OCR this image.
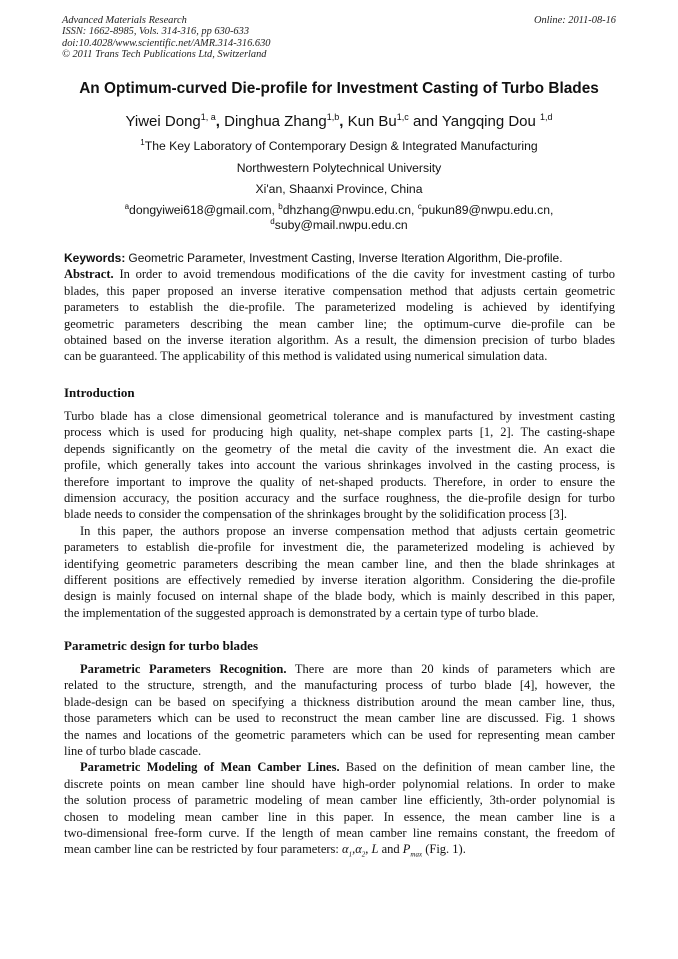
Advanced Materials Research
ISSN: 1662-8985, Vols. 314-316, pp 630-633
doi:10.4028/www.scientific.net/AMR.314-316.630
© 2011 Trans Tech Publications Ltd, Switzerland
Online: 2011-08-16
An Optimum-curved Die-profile for Investment Casting of Turbo Blades
Yiwei Dong$^{1, a}$, Dinghua Zhang$^{1,b}$, Kun Bu$^{1,c}$ and Yangqing Dou $^{1,d}$
$^1$The Key Laboratory of Contemporary Design & Integrated Manufacturing
Northwestern Polytechnical University
Xi'an, Shaanxi Province, China
$^a$dongyiwei618@gmail.com, $^b$dhzhang@nwpu.edu.cn, $^c$pukun89@nwpu.edu.cn,
$^d$suby@mail.nwpu.edu.cn
Keywords: Geometric Parameter, Investment Casting, Inverse Iteration Algorithm, Die-profile.
Abstract. In order to avoid tremendous modifications of the die cavity for investment casting of turbo
blades, this paper proposed an inverse iterative compensation method that adjusts certain geometric
parameters to establish the die-profile. The parameterized modeling is achieved by identifying
geometric parameters describing the mean camber line; the optimum-curve die-profile can be
obtained based on the inverse iteration algorithm. As a result, the dimension precision of turbo blades
can be guaranteed. The applicability of this method is validated using numerical simulation data.
Introduction
Turbo blade has a close dimensional geometrical tolerance and is manufactured by investment casting
process which is used for producing high quality, net-shape complex parts [1, 2]. The casting-shape
depends significantly on the geometry of the metal die cavity of the investment die. An exact die
profile, which generally takes into account the various shrinkages involved in the casting process, is
therefore important to improve the quality of net-shaped products. Therefore, in order to ensure the
dimension accuracy, the position accuracy and the surface roughness, the die-profile design for turbo
blade needs to consider the compensation of the shrinkages brought by the solidification process [3].
In this paper, the authors propose an inverse compensation method that adjusts certain geometric
parameters to establish die-profile for investment die, the parameterized modeling is achieved by
identifying geometric parameters describing the mean camber line, and then the blade shrinkages at
different positions are effectively remedied by inverse iteration algorithm. Considering the die-profile
design is mainly focused on internal shape of the blade body, which is mainly described in this paper,
the implementation of the suggested approach is demonstrated by a certain type of turbo blade.
Parametric design for turbo blades
Parametric Parameters Recognition. There are more than 20 kinds of parameters which are
related to the structure, strength, and the manufacturing process of turbo blade [4], however, the
blade-design can be based on specifying a thickness distribution around the mean camber line, thus,
those parameters which can be used to reconstruct the mean camber line are discussed. Fig. 1 shows
the names and locations of the geometric parameters which can be used for representing mean camber
line of turbo blade cascade.
Parametric Modeling of Mean Camber Lines. Based on the definition of mean camber line, the
discrete points on mean camber line should have high-order polynomial relations. In order to make
the solution process of parametric modeling of mean camber line efficiently, 3th-order polynomial is
chosen to modeling mean camber line in this paper. In essence, the mean camber line is a
two-dimensional free-form curve. If the length of mean camber line remains constant, the freedom of
mean camber line can be restricted by four parameters: $\alpha_1,\alpha_2$, L and $P_{max}$ (Fig. 1).
